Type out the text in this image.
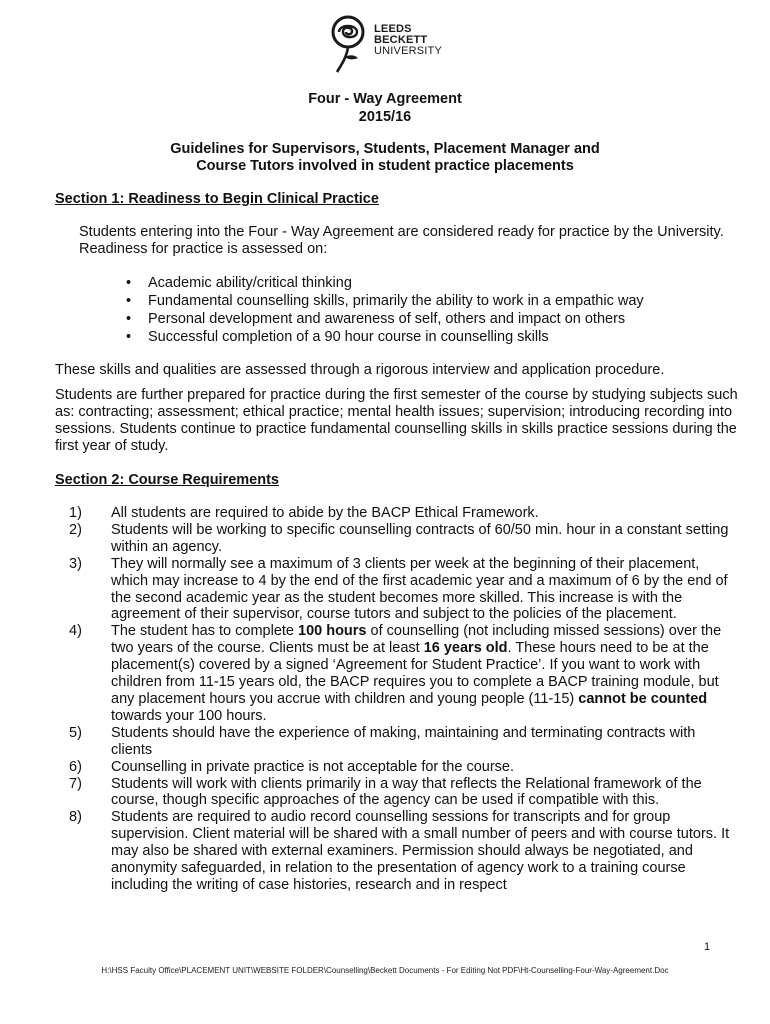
LEEDS
BECKETT
UNIVERSITY
Four - Way Agreement
2015/16
Guidelines for Supervisors, Students, Placement Manager and
Course Tutors involved in student practice placements
Section 1: Readiness to Begin Clinical Practice

Students entering into the Four - Way Agreement are considered ready for practice by the University. Readiness for practice is assessed on:

• Academic ability/critical thinking
• Fundamental counselling skills, primarily the ability to work in a empathic way
• Personal development and awareness of self, others and impact on others
• Successful completion of a 90 hour course in counselling skills

These skills and qualities are assessed through a rigorous interview and application procedure.

Students are further prepared for practice during the first semester of the course by studying subjects such as: contracting; assessment; ethical practice; mental health issues; supervision; introducing recording into sessions. Students continue to practice fundamental counselling skills in skills practice sessions during the first year of study.

Section 2: Course Requirements
1) All students are required to abide by the BACP Ethical Framework.
2) Students will be working to specific counselling contracts of 60/50 min. hour in a constant setting within an agency.
3) They will normally see a maximum of 3 clients per week at the beginning of their placement, which may increase to 4 by the end of the first academic year and a maximum of 6 by the end of the second academic year as the student becomes more skilled. This increase is with the agreement of their supervisor, course tutors and subject to the policies of the placement.
4) The student has to complete 100 hours of counselling (not including missed sessions) over the two years of the course. Clients must be at least 16 years old. These hours need to be at the placement(s) covered by a signed ‘Agreement for Student Practice’. If you want to work with children from 11-15 years old, the BACP requires you to complete a BACP training module, but any placement hours you accrue with children and young people (11-15) cannot be counted towards your 100 hours.
5) Students should have the experience of making, maintaining and terminating contracts with clients
6) Counselling in private practice is not acceptable for the course.
7) Students will work with clients primarily in a way that reflects the Relational framework of the course, though specific approaches of the agency can be used if compatible with this.
8) Students are required to audio record counselling sessions for transcripts and for group supervision. Client material will be shared with a small number of peers and with course tutors. It may also be shared with external examiners. Permission should always be negotiated, and anonymity safeguarded, in relation to the presentation of agency work to a training course including the writing of case histories, research and in respect
1
H:\HSS Faculty Office\PLACEMENT UNIT\WEBSITE FOLDER\Counselling\Beckett Documents - For Editing Not PDF\Ht-Counselling-Four-Way-Agreement.Doc
